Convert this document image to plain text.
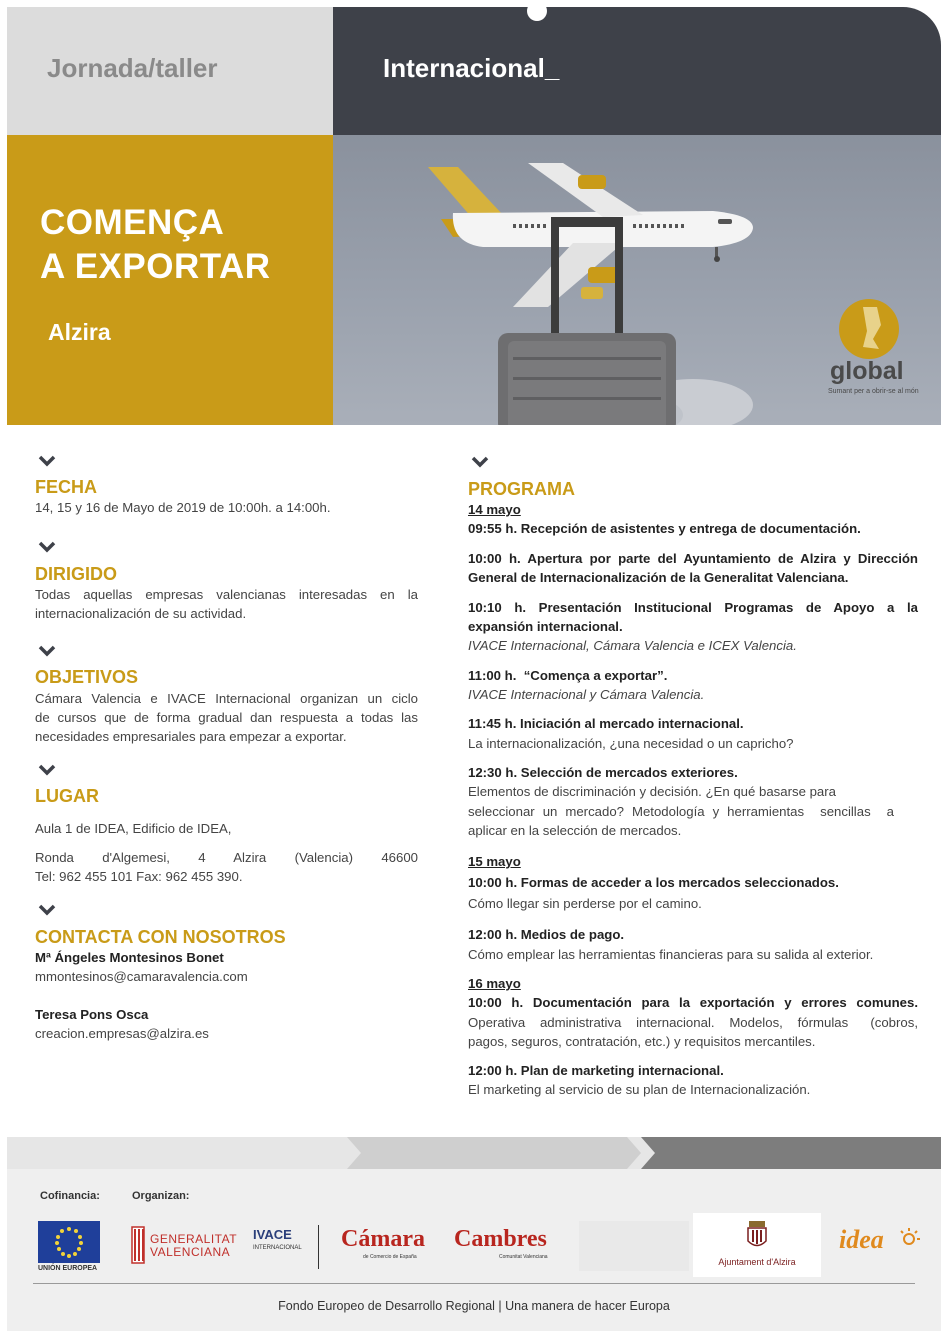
Jornada/taller	Internacional_
COMENÇA
A EXPORTAR
Alzira
global
Sumant per a obrir-se al món
FECHA
14, 15 y 16 de Mayo de 2019 de 10:00h. a 14:00h.
DIRIGIDO
Todas aquellas empresas valencianas interesadas en la
internacionalización de su actividad.
OBJETIVOS
Cámara Valencia e IVACE Internacional organizan un ciclo
de cursos que de forma gradual dan respuesta a todas las
necesidades empresariales para empezar a exportar.
LUGAR
Aula 1 de IDEA, Edificio de IDEA,
Ronda   d'Algemesi,   4   Alzira   (Valencia)   46600
Tel: 962 455 101 Fax: 962 455 390.
CONTACTA CON NOSOTROS
Mª Ángeles Montesinos Bonet
mmontesinos@camaravalencia.com
Teresa Pons Osca
creacion.empresas@alzira.es
PROGRAMA
14 mayo
09:55 h. Recepción de asistentes y entrega de documentación.
10:00 h. Apertura por parte del Ayuntamiento de Alzira y Dirección
General de Internacionalización de la Generalitat Valenciana.
10:10  h.  Presentación  Institucional  Programas  de  Apoyo  a  la
expansión internacional.
IVACE Internacional, Cámara Valencia e ICEX Valencia.
11:00 h.  “Comença a exportar”.
IVACE Internacional y Cámara Valencia.
11:45 h. Iniciación al mercado internacional.
La internacionalización, ¿una necesidad o un capricho?
12:30 h. Selección de mercados exteriores.
Elementos de discriminación y decisión. ¿En qué basarse para
seleccionar un mercado? Metodología y herramientas  sencillas  a
aplicar en la selección de mercados.
15 mayo
10:00 h. Formas de acceder a los mercados seleccionados.
Cómo llegar sin perderse por el camino.
12:00 h. Medios de pago.
Cómo emplear las herramientas financieras para su salida al exterior.
16 mayo
10:00  h.  Documentación  para  la  exportación  y  errores  comunes.
Operativa  administrativa  internacional.  Modelos,  fórmulas   (cobros,
pagos, seguros, contratación, etc.) y requisitos mercantiles.
12:00 h. Plan de marketing internacional.
El marketing al servicio de su plan de Internacionalización.
Cofinancia:	Organizan:
UNIÓN EUROPEA
GENERALITAT
VALENCIANA
IVACE
INTERNACIONAL Cámara
de Comercio de España
Cambres
Comunitat Valenciana	Ajuntament d'Alzira
idea
Fondo Europeo de Desarrollo Regional | Una manera de hacer Europa
